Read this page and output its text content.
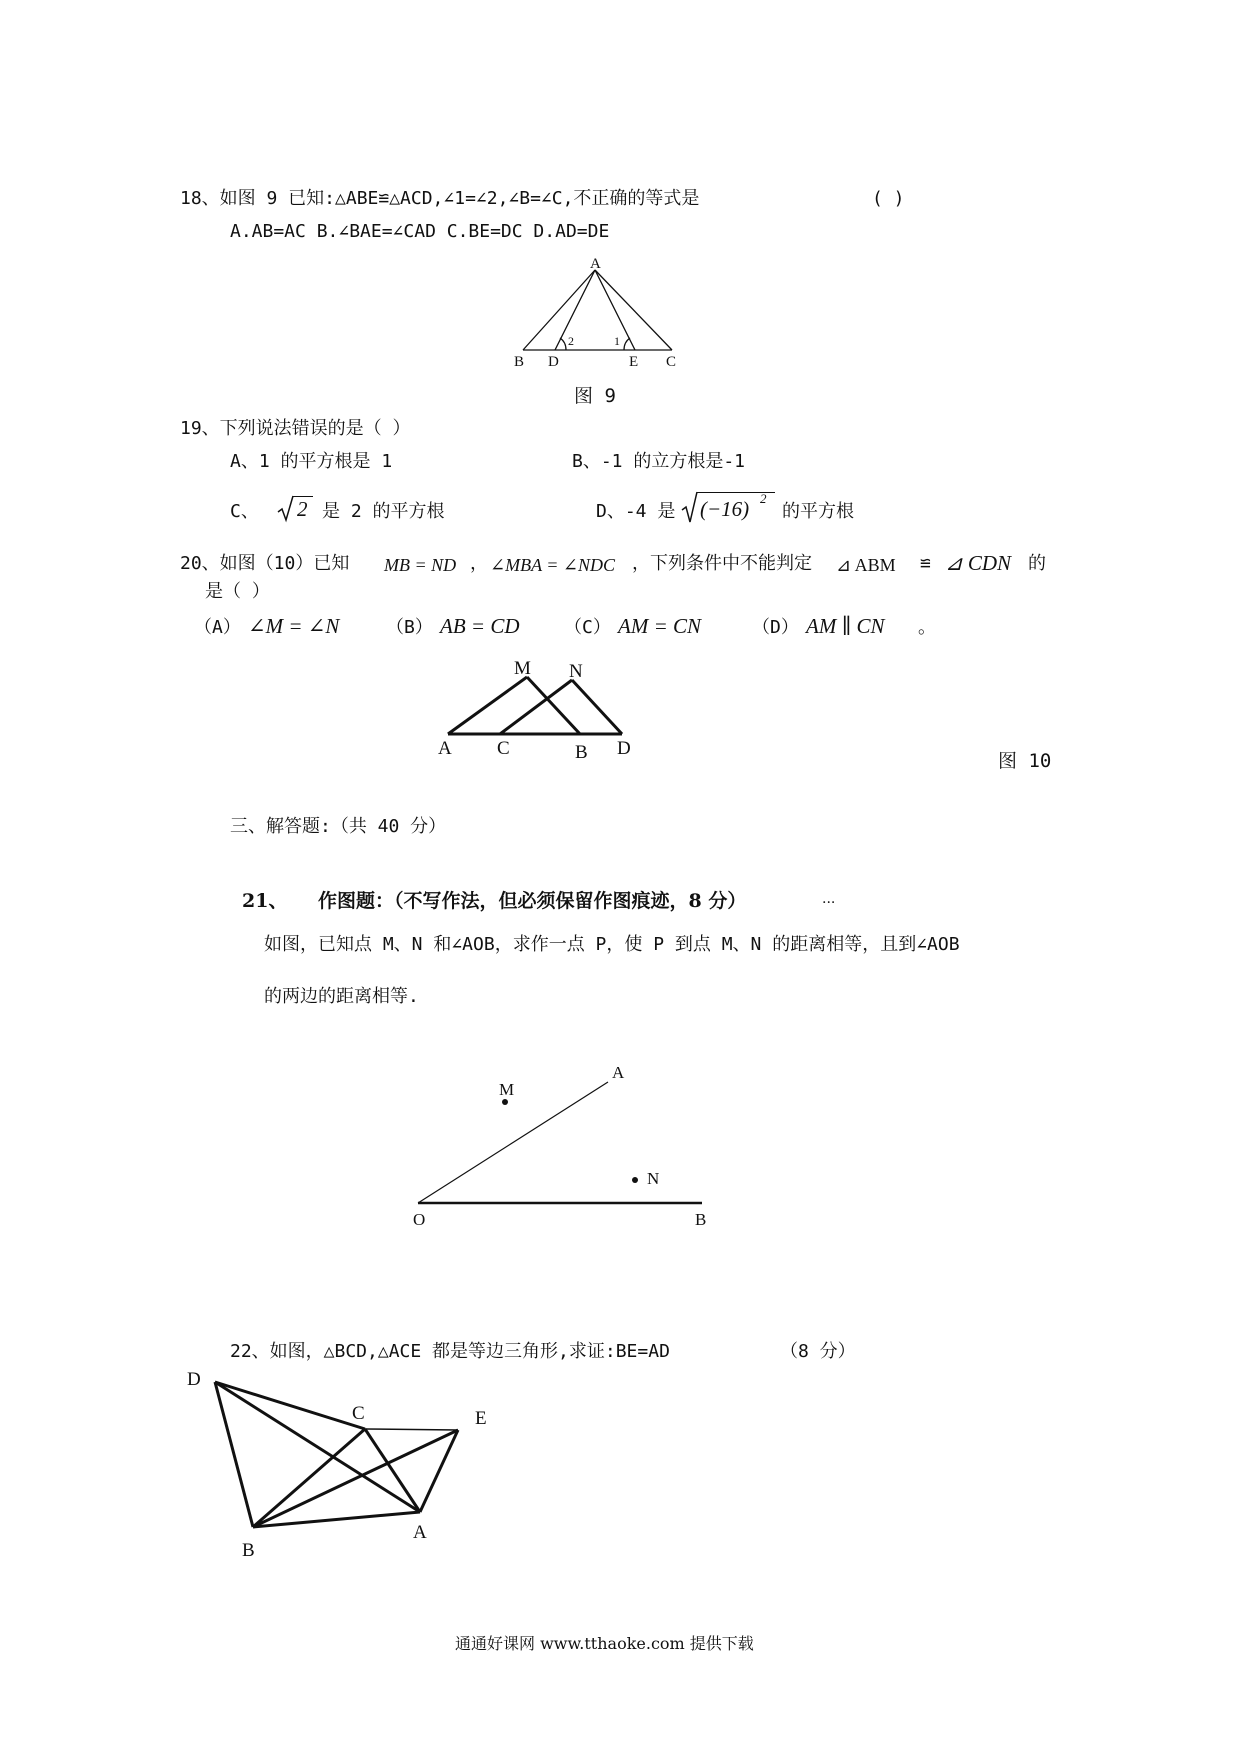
18、如图 9 已知:△ABE≌△ACD,∠1=∠2,∠B=∠C,不正确的等式是	( )
A.AB=AC B.∠BAE=∠CAD C.BE=DC D.AD=DE
A
B D	E C
2	1
图 9
19、下列说法错误的是（ ）
A、1 的平方根是 1	B、-1 的立方根是-1
C、 2 是 2 的平方根	D、-4 是 (−16) 2
的平方根
20、如图（10）已知 MB = ND ， ∠MBA = ∠NDC ，下列条件中不能判定 ⊿ ABM ≌ ⊿ CDN 的
是（ ）
（A） ∠M = ∠N	（B） AB = CD （C） AM = CN	（D） AM ∥ CN 。
M N
A C	B D
图 10
三、解答题:（共 40 分）
21、 作图题：（不写作法，但必须保留作图痕迹，8 分）	...
如图，已知点 M、N 和∠AOB，求作一点 P，使 P 到点 M、N 的距离相等，且到∠AOB
的两边的距离相等.
M
A
N
O	B
22、如图，△BCD,△ACE 都是等边三角形,求证:BE=AD	（8 分）
D
C	E
B
A
通通好课网 www.tthaoke.com 提供下载
